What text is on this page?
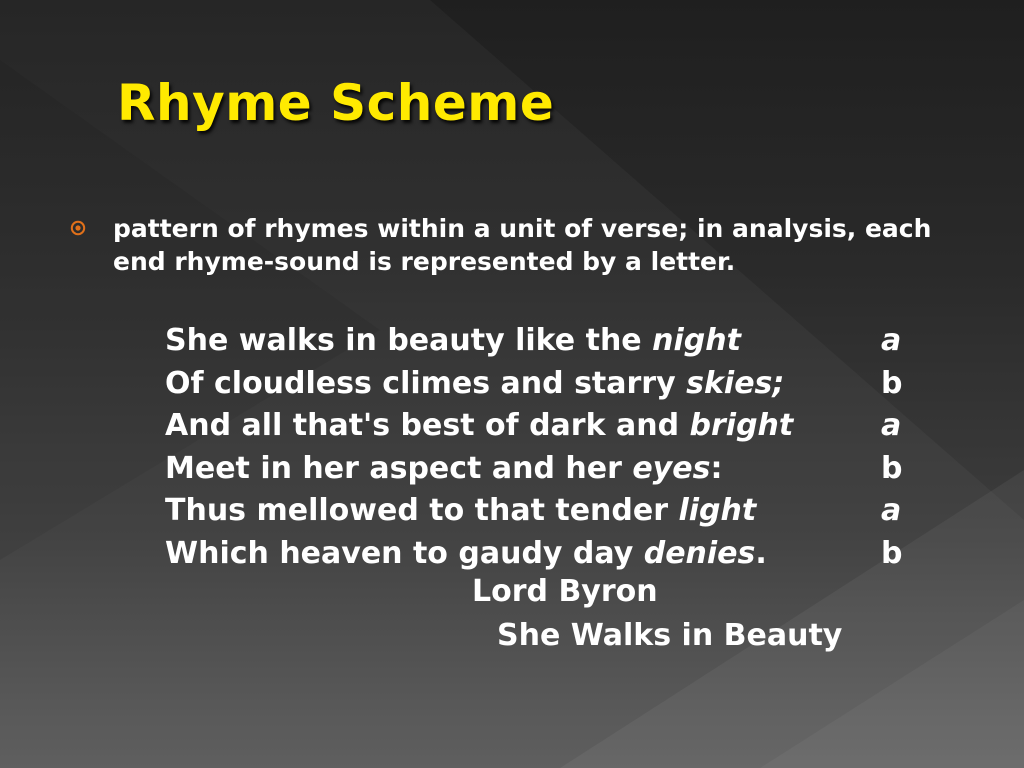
Rhyme Scheme
pattern of rhymes within a unit of verse; in analysis, each end rhyme-sound is represented by a letter.
She walks in beauty like the night	a
Of cloudless climes and starry skies;	b
And all that's best of dark and bright	a
Meet in her aspect and her eyes:	b
Thus mellowed to that tender light	a
Which heaven to gaudy day denies.	b
Lord Byron
She Walks in Beauty
